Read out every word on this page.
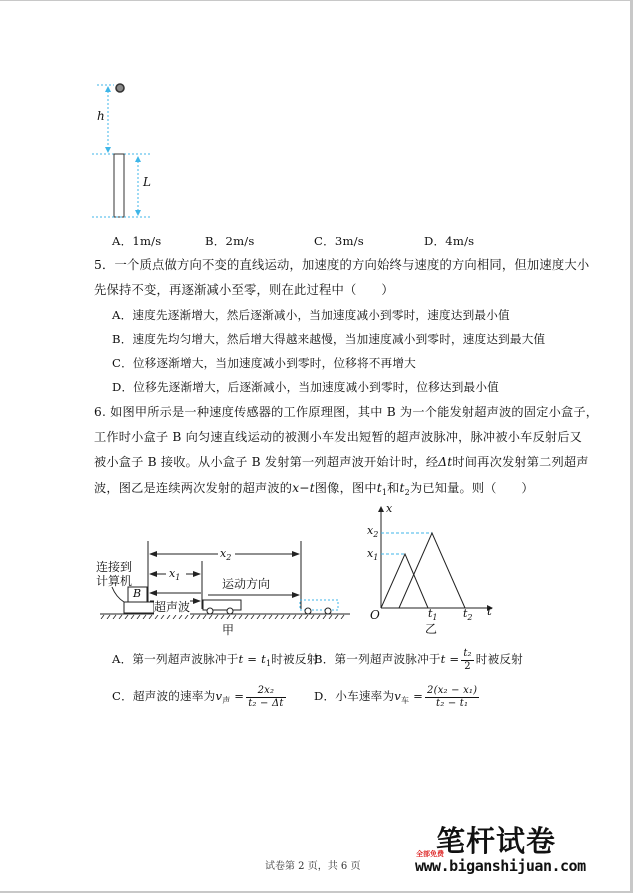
h
L
A．1m/s	B．2m/s	C．3m/s	D．4m/s
5．一个质点做方向不变的直线运动，加速度的方向始终与速度的方向相同，但加速度大小
先保持不变，再逐渐减小至零，则在此过程中（　　）
A．速度先逐渐增大，然后逐渐减小，当加速度减小到零时，速度达到最小值
B．速度先均匀增大，然后增大得越来越慢，当加速度减小到零时，速度达到最大值
C．位移逐渐增大，当加速度减小到零时，位移将不再增大
D．位移先逐渐增大，后逐渐减小，当加速度减小到零时，位移达到最小值
6. 如图甲所示是一种速度传感器的工作原理图，其中 B 为一个能发射超声波的固定小盒子，
工作时小盒子 B 向匀速直线运动的被测小车发出短暂的超声波脉冲，脉冲被小车反射后又
被小盒子 B 接收。从小盒子 B 发射第一列超声波开始计时，经Δt时间再次发射第二列超声
波，图乙是连续两次发射的超声波的x−t图像，图中$t_1$和$t_2$为已知量。则（　　）
连接到
计算机
B
$x_1$
$x_2$
运动方向
超声波
甲
x
$x_2$
$x_1$
O	$t_1$ $t_2$ t
乙
A．第一列超声波脉冲于$t = t_1$时被反射
B．第一列超声波脉冲于$t = \frac{\text{t₂}}{2}$ 时被反射
C．超声波的速率为$v_声 = \frac{\text{2x₂}}{\text{t₂ − Δt}}$ D．小车速率为$v_车 = \frac{\text{2(x₂ − x₁)}}{\text{t₂ − t₁}}$
试卷第 2 页，共 6 页
笔杆试卷
全部免费
www.biganshijuan.com
